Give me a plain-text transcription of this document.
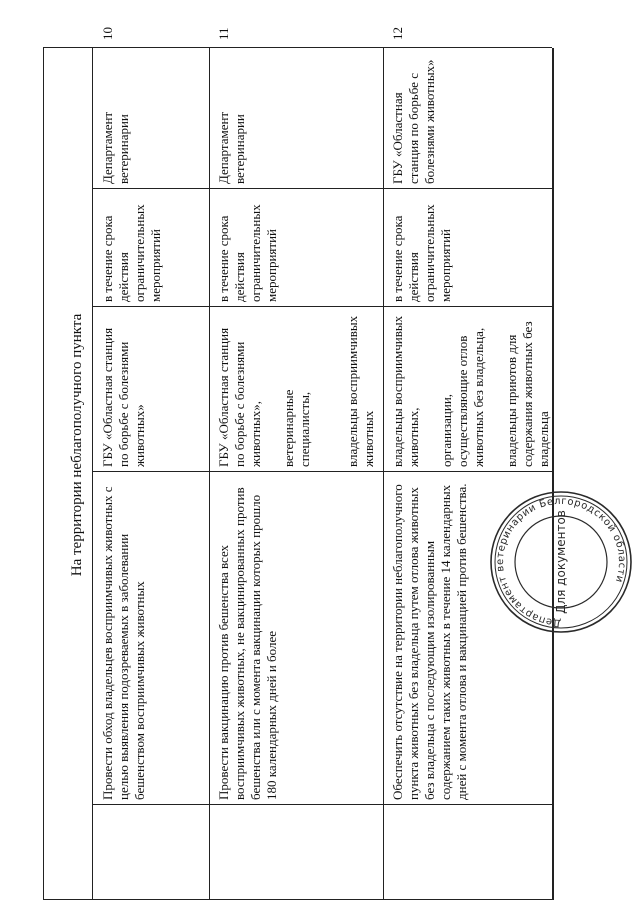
На территории неблагополучного пункта
10
Провести обход владельцев восприимчивых животных с целью выявления подозреваемых в заболевании бешенством восприимчивых животных
ГБУ «Областная станция по борьбе с болезнями животных»
в течение срока действия ограничительных мероприятий
Департамент ветеринарии
11
Провести вакцинацию против бешенства всех восприимчивых животных, не вакцинированных против бешенства или с момента вакцинации которых прошло 180 календарных дней и более
ГБУ «Областная станция по борьбе с болезнями животных», ветеринарные специалисты,	владельцы восприимчивых животных
в течение срока действия ограничительных мероприятий
Департамент ветеринарии
12
Обеспечить отсутствие на территории неблагополучного пункта животных без владельца путем отлова животных без владельца с последующим изолированным содержанием таких животных в течение 14 календарных дней с момента отлова и вакцинацией против бешенства.
владельцы восприимчивых животных, организации, осуществляющие отлов животных без владельца, владельцы приютов для содержания животных без владельца
в течение срока действия ограничительных мероприятий
ГБУ «Областная станция по борьбе с болезнями животных»
Департамент ветеринарии Белгородской области
Для документов
